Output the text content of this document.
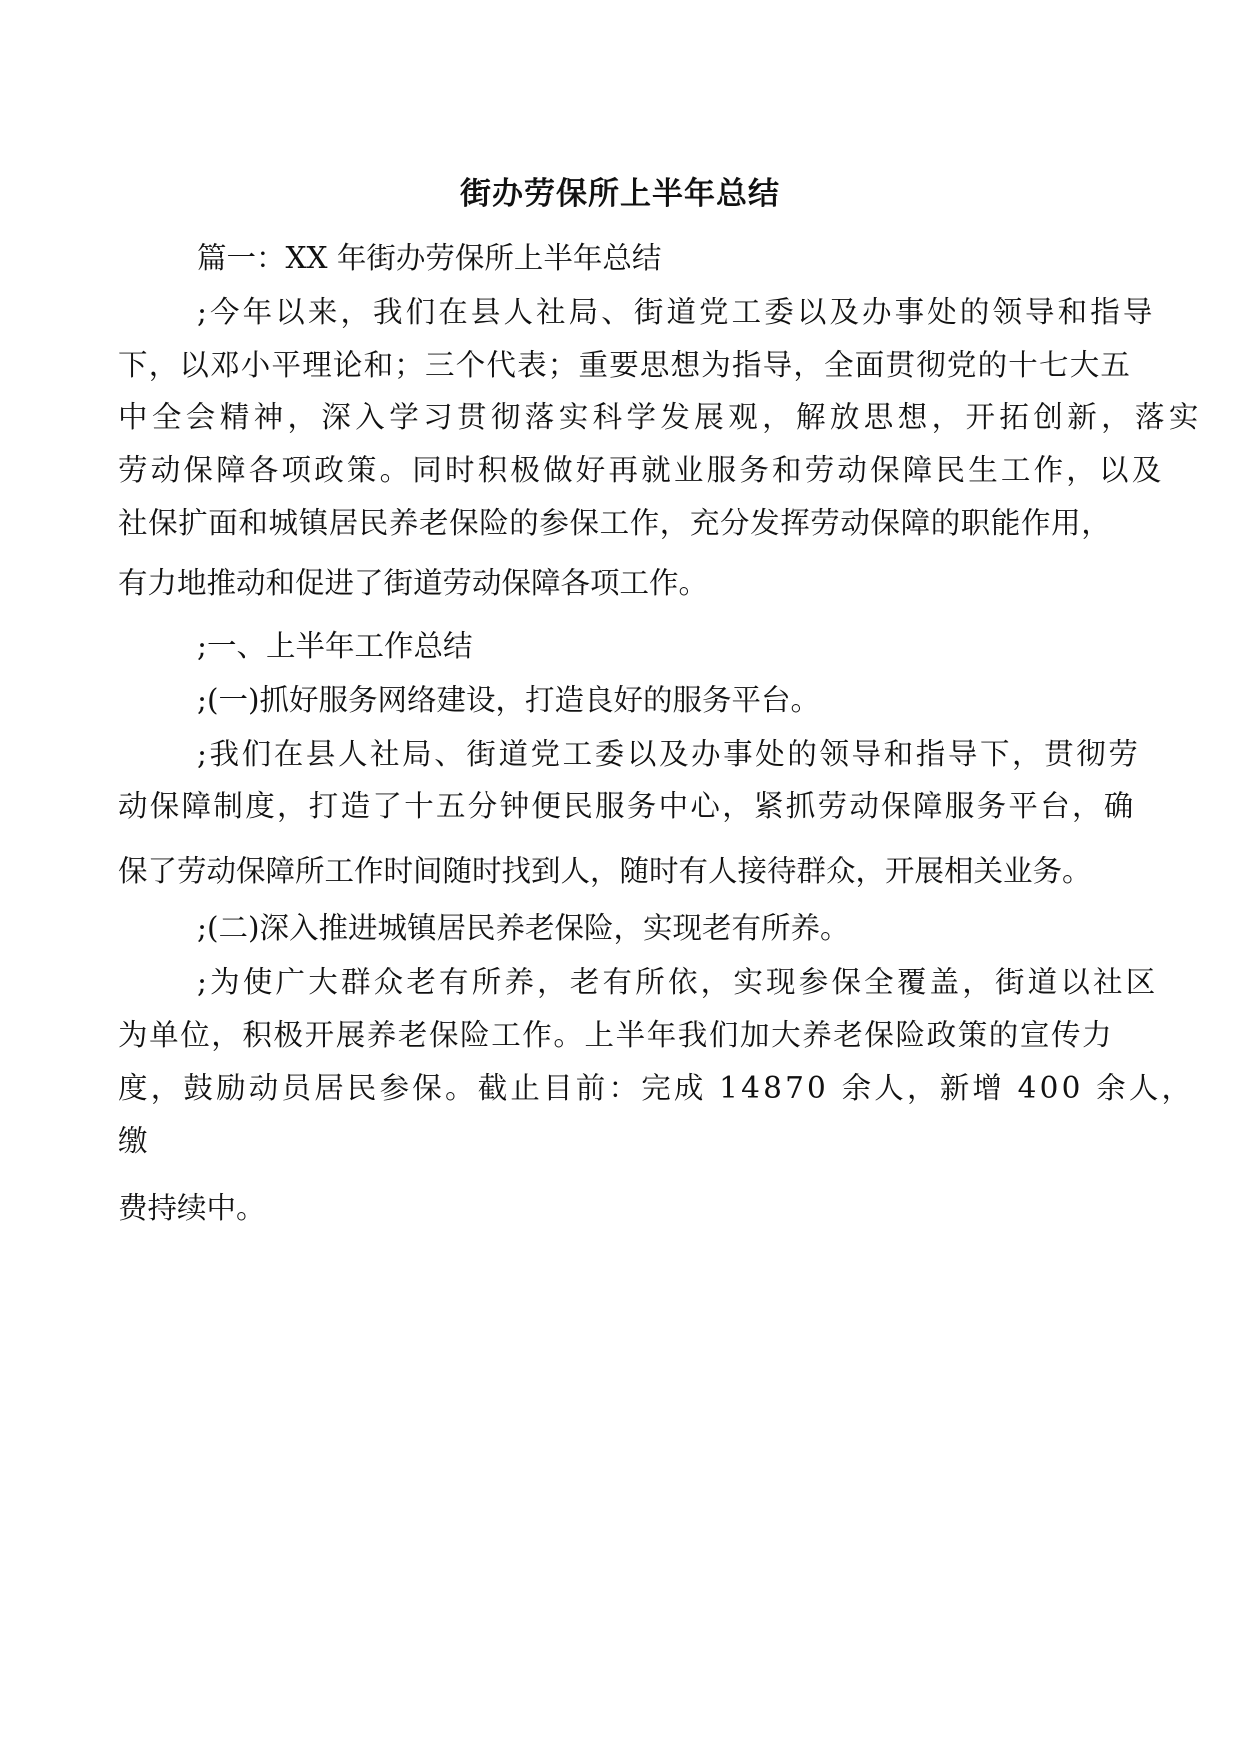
街办劳保所上半年总结
篇一：XX 年街办劳保所上半年总结
;今年以来，我们在县人社局、街道党工委以及办事处的领导和指导
下，以邓小平理论和；三个代表；重要思想为指导，全面贯彻党的十七大五
中全会精神，深入学习贯彻落实科学发展观，解放思想，开拓创新，落实
劳动保障各项政策。同时积极做好再就业服务和劳动保障民生工作，以及
社保扩面和城镇居民养老保险的参保工作，充分发挥劳动保障的职能作用，
有力地推动和促进了街道劳动保障各项工作。
;一、上半年工作总结
;(一)抓好服务网络建设，打造良好的服务平台。
;我们在县人社局、街道党工委以及办事处的领导和指导下，贯彻劳
动保障制度，打造了十五分钟便民服务中心，紧抓劳动保障服务平台，确
保了劳动保障所工作时间随时找到人，随时有人接待群众，开展相关业务。
;(二)深入推进城镇居民养老保险，实现老有所养。
;为使广大群众老有所养，老有所依，实现参保全覆盖，街道以社区
为单位，积极开展养老保险工作。上半年我们加大养老保险政策的宣传力
度，鼓励动员居民参保。截止目前：完成 14870 余人，新增 400 余人，
缴
费持续中。
